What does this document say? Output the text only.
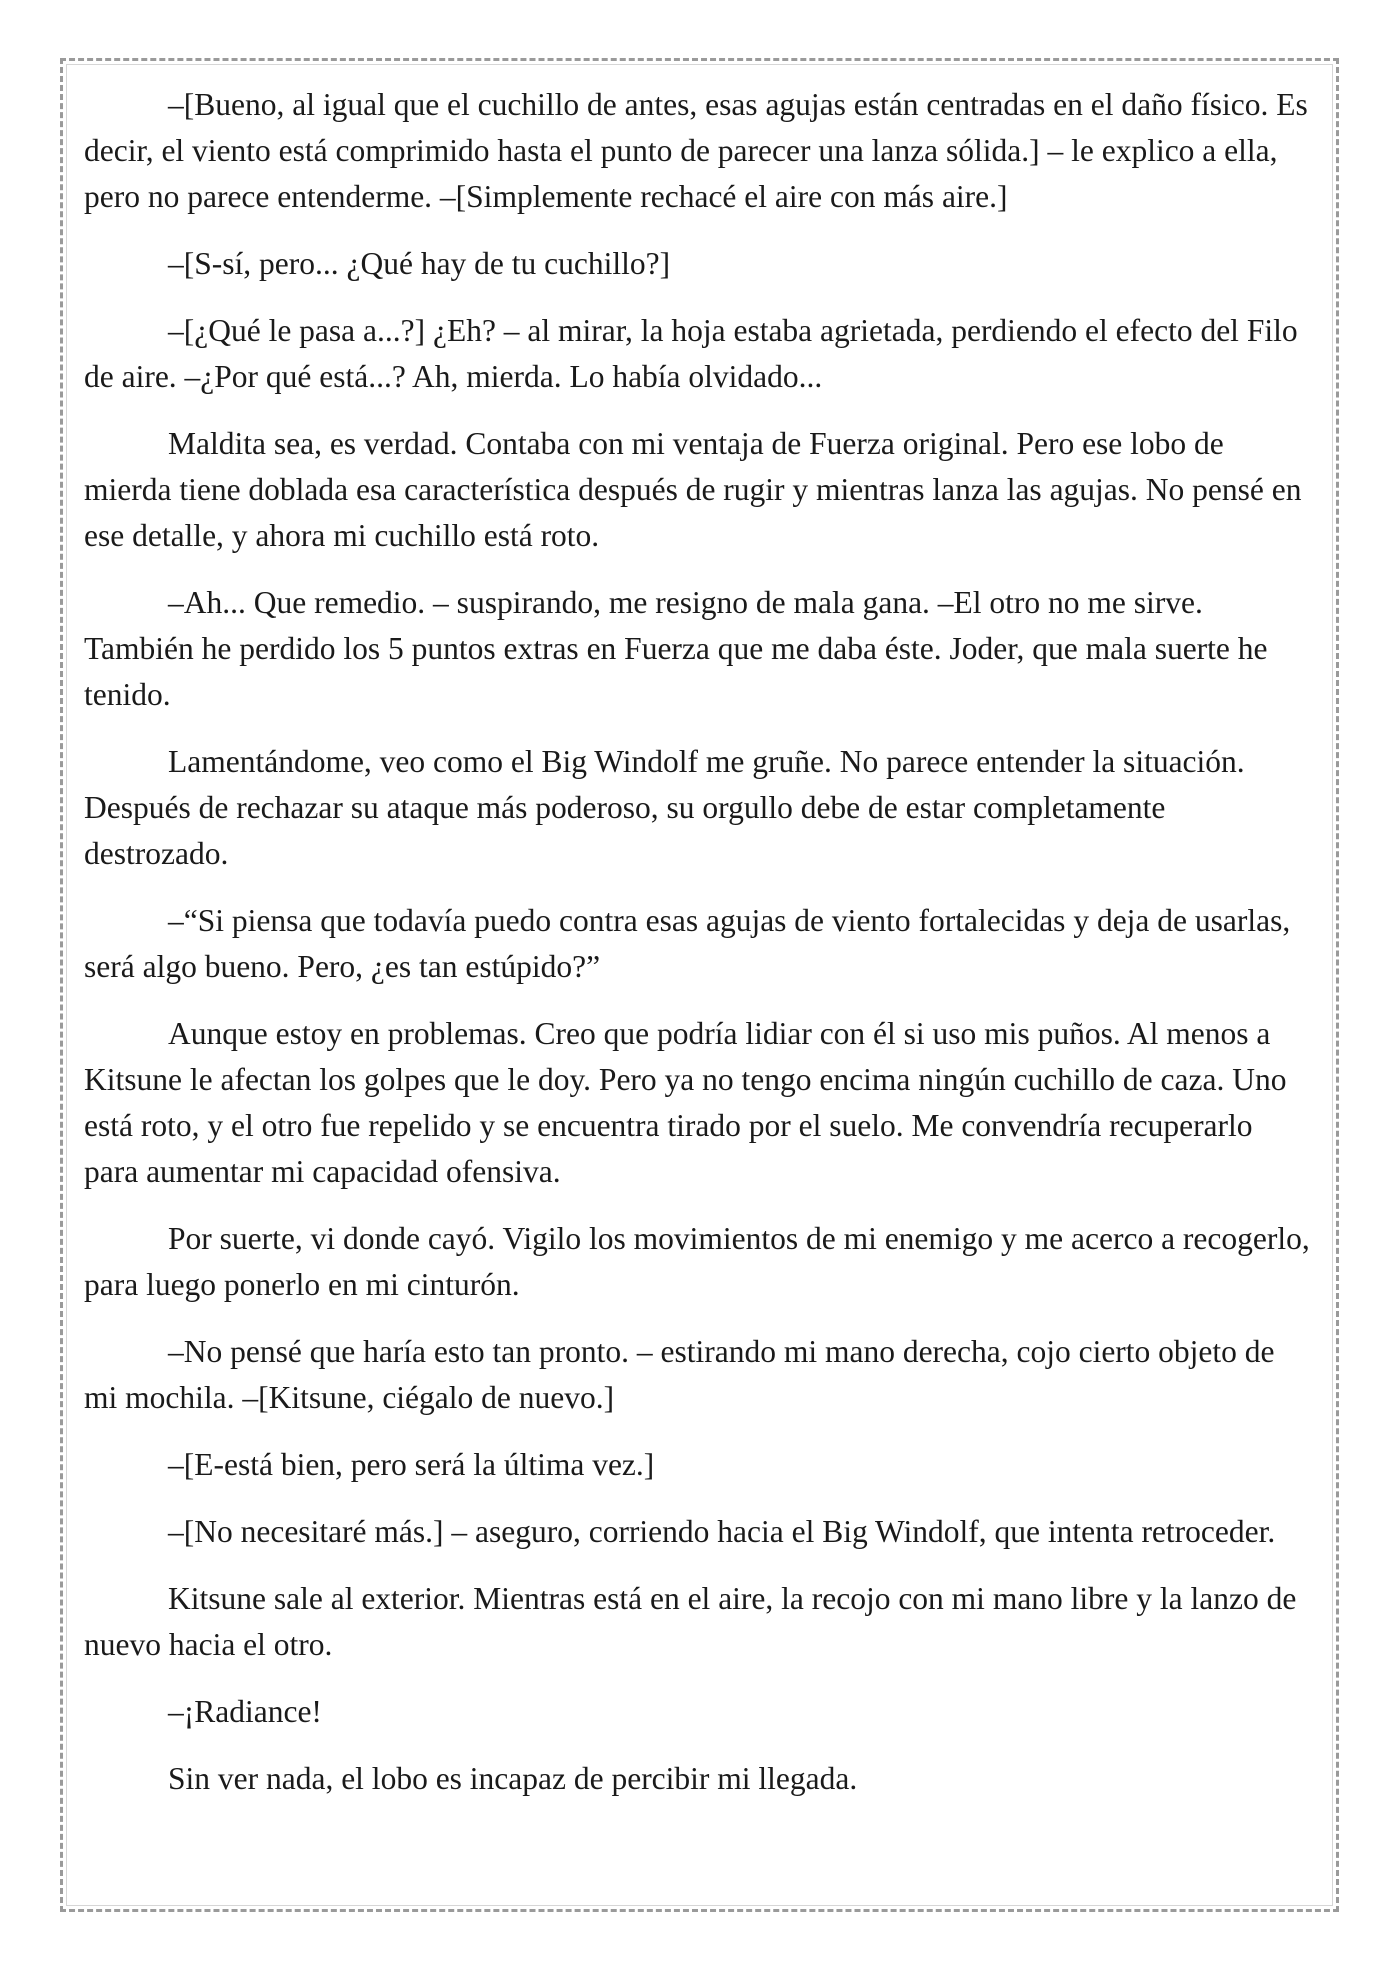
–[Bueno, al igual que el cuchillo de antes, esas agujas están centradas en el daño físico. Es decir, el viento está comprimido hasta el punto de parecer una lanza sólida.] – le explico a ella, pero no parece entenderme. –[Simplemente rechacé el aire con más aire.]

–[S-sí, pero... ¿Qué hay de tu cuchillo?]

–[¿Qué le pasa a...?] ¿Eh? – al mirar, la hoja estaba agrietada, perdiendo el efecto del Filo de aire. –¿Por qué está...? Ah, mierda. Lo había olvidado...

Maldita sea, es verdad. Contaba con mi ventaja de Fuerza original. Pero ese lobo de mierda tiene doblada esa característica después de rugir y mientras lanza las agujas. No pensé en ese detalle, y ahora mi cuchillo está roto.

–Ah... Que remedio. – suspirando, me resigno de mala gana. –El otro no me sirve. También he perdido los 5 puntos extras en Fuerza que me daba éste. Joder, que mala suerte he tenido.

Lamentándome, veo como el Big Windolf me gruñe. No parece entender la situación. Después de rechazar su ataque más poderoso, su orgullo debe de estar completamente destrozado.

–“Si piensa que todavía puedo contra esas agujas de viento fortalecidas y deja de usarlas, será algo bueno. Pero, ¿es tan estúpido?”

Aunque estoy en problemas. Creo que podría lidiar con él si uso mis puños. Al menos a Kitsune le afectan los golpes que le doy. Pero ya no tengo encima ningún cuchillo de caza. Uno está roto, y el otro fue repelido y se encuentra tirado por el suelo. Me convendría recuperarlo para aumentar mi capacidad ofensiva.

Por suerte, vi donde cayó. Vigilo los movimientos de mi enemigo y me acerco a recogerlo, para luego ponerlo en mi cinturón.

–No pensé que haría esto tan pronto. – estirando mi mano derecha, cojo cierto objeto de mi mochila. –[Kitsune, ciégalo de nuevo.]

–[E-está bien, pero será la última vez.]

–[No necesitaré más.] – aseguro, corriendo hacia el Big Windolf, que intenta retroceder.

Kitsune sale al exterior. Mientras está en el aire, la recojo con mi mano libre y la lanzo de nuevo hacia el otro.

–¡Radiance!

Sin ver nada, el lobo es incapaz de percibir mi llegada.
